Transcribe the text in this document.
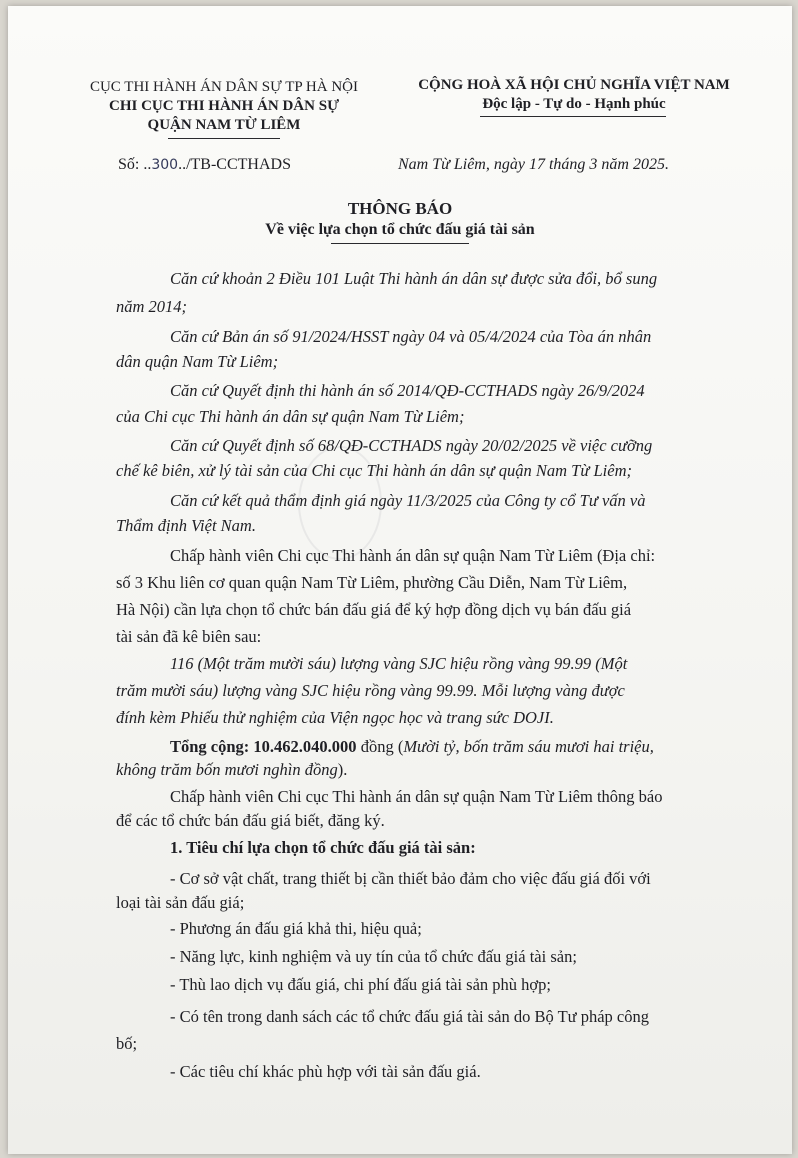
CỤC THI HÀNH ÁN DÂN SỰ TP HÀ NỘI
CHI CỤC THI HÀNH ÁN DÂN SỰ
QUẬN NAM TỪ LIÊM
CỘNG HOÀ XÃ HỘI CHỦ NGHĨA VIỆT NAM
Độc lập - Tự do - Hạnh phúc
Số: ..300../TB-CCTHADS	Nam Từ Liêm, ngày 17 tháng 3 năm 2025.
THÔNG BÁO
Về việc lựa chọn tổ chức đấu giá tài sản
Căn cứ khoản 2 Điều 101 Luật Thi hành án dân sự được sửa đổi, bổ sung
năm 2014;
Căn cứ Bản án số 91/2024/HSST ngày 04 và 05/4/2024 của Tòa án nhân
dân quận Nam Từ Liêm;
Căn cứ Quyết định thi hành án số 2014/QĐ-CCTHADS ngày 26/9/2024
của Chi cục Thi hành án dân sự quận Nam Từ Liêm;
Căn cứ Quyết định số 68/QĐ-CCTHADS ngày 20/02/2025 về việc cưỡng
chế kê biên, xử lý tài sản của Chi cục Thi hành án dân sự quận Nam Từ Liêm;
Căn cứ kết quả thẩm định giá ngày 11/3/2025 của Công ty cổ Tư vấn và
Thẩm định Việt Nam.
Chấp hành viên Chi cục Thi hành án dân sự quận Nam Từ Liêm (Địa chỉ:
số 3 Khu liên cơ quan quận Nam Từ Liêm, phường Cầu Diễn, Nam Từ Liêm,
Hà Nội) cần lựa chọn tổ chức bán đấu giá để ký hợp đồng dịch vụ bán đấu giá
tài sản đã kê biên sau:
116 (Một trăm mười sáu) lượng vàng SJC hiệu rồng vàng 99.99 (Một
trăm mười sáu) lượng vàng SJC hiệu rồng vàng 99.99. Mỗi lượng vàng được
đính kèm Phiếu thử nghiệm của Viện ngọc học và trang sức DOJI.
Tổng cộng: 10.462.040.000 đồng (Mười tỷ, bốn trăm sáu mươi hai triệu,
không trăm bốn mươi nghìn đồng).
Chấp hành viên Chi cục Thi hành án dân sự quận Nam Từ Liêm thông báo
để các tổ chức bán đấu giá biết, đăng ký.
1. Tiêu chí lựa chọn tổ chức đấu giá tài sản:
- Cơ sở vật chất, trang thiết bị cần thiết bảo đảm cho việc đấu giá đối với
loại tài sản đấu giá;
- Phương án đấu giá khả thi, hiệu quả;
- Năng lực, kinh nghiệm và uy tín của tổ chức đấu giá tài sản;
- Thù lao dịch vụ đấu giá, chi phí đấu giá tài sản phù hợp;
- Có tên trong danh sách các tổ chức đấu giá tài sản do Bộ Tư pháp công
bố;
- Các tiêu chí khác phù hợp với tài sản đấu giá.
